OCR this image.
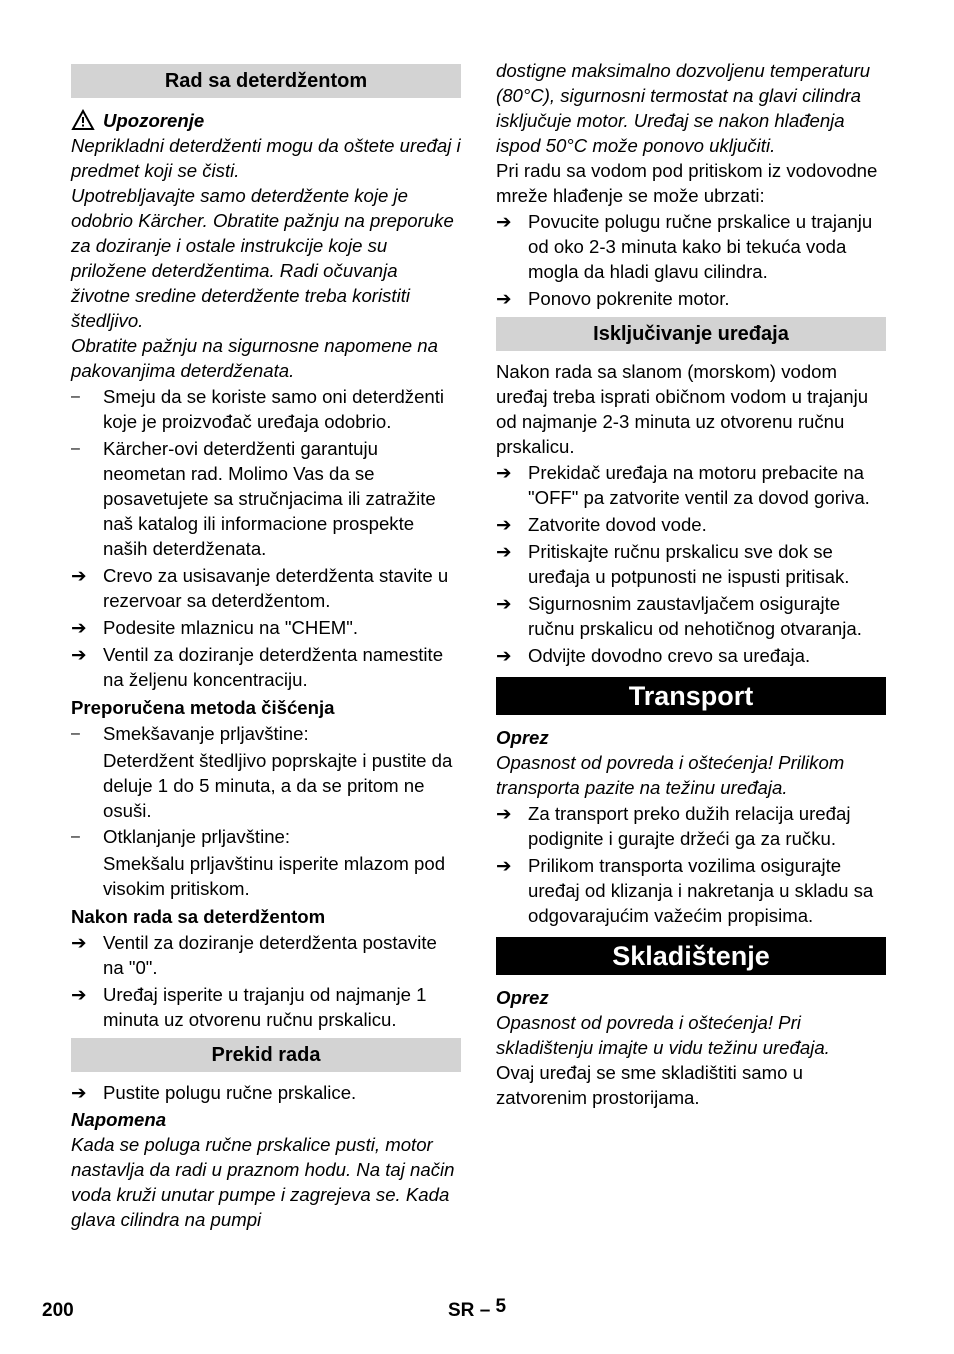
Rad sa deterdžentom
Upozorenje

Neprikladni deterdženti mogu da oštete uređaj i predmet koji se čisti.

Upotrebljavajte samo deterdžente koje je odobrio Kärcher. Obratite pažnju na preporuke za doziranje i ostale instrukcije koje su priložene deterdžentima. Radi očuvanja životne sredine deterdžente treba koristiti štedljivo.

Obratite pažnju na sigurnosne napomene na pakovanjima deterdženata.

–	Smeju da se koriste samo oni deterdženti koje je proizvođač uređaja odobrio.
–	Kärcher-ovi deterdženti garantuju neometan rad. Molimo Vas da se posavetujete sa stručnjacima ili zatražite naš katalog ili informacione prospekte naših deterdženata.
➔ Crevo za usisavanje deterdženta stavite u rezervoar sa deterdžentom.
➔ Podesite mlaznicu na "CHEM".
➔ Ventil za doziranje deterdženta namestite na željenu koncentraciju.
Preporučena metoda čišćenja
–	Smekšavanje prljavštine:

Deterdžent štedljivo poprskajte i pustite da deluje 1 do 5 minuta, a da se pritom ne osuši.

–	Otklanjanje prljavštine:

Smekšalu prljavštinu isperite mlazom pod visokim pritiskom.

Nakon rada sa deterdžentom
➔ Ventil za doziranje deterdženta postavite na "0".
➔ Uređaj isperite u trajanju od najmanje 1 minuta uz otvorenu ručnu prskalicu.
Prekid rada
➔ Pustite polugu ručne prskalice.
Napomena

Kada se poluga ručne prskalice pusti, motor nastavlja da radi u praznom hodu. Na taj način voda kruži unutar pumpe i zagrejeva se. Kada glava cilindra na pumpi

dostigne maksimalno dozvoljenu temperaturu (80°C), sigurnosni termostat na glavi cilindra isključuje motor. Uređaj se nakon hlađenja ispod 50°C može ponovo uključiti.

Pri radu sa vodom pod pritiskom iz vodovodne mreže hlađenje se može ubrzati:

➔ Povucite polugu ručne prskalice u trajanju od oko 2-3 minuta kako bi tekuća voda mogla da hladi glavu cilindra.
➔ Ponovo pokrenite motor.
Isključivanje uređaja

Nakon rada sa slanom (morskom) vodom uređaj treba isprati običnom vodom u trajanju od najmanje 2-3 minuta uz otvorenu ručnu prskalicu.

➔ Prekidač uređaja na motoru prebacite na "OFF" pa zatvorite ventil za dovod goriva.
➔ Zatvorite dovod vode.
➔ Pritiskajte ručnu prskalicu sve dok se uređaja u potpunosti ne ispusti pritisak.
➔ Sigurnosnim zaustavljačem osigurajte ručnu prskalicu od nehotičnog otvaranja.
➔ Odvijte dovodno crevo sa uređaja.
Transport
Oprez

Opasnost od povreda i oštećenja! Prilikom transporta pazite na težinu uređaja.

➔ Za transport preko dužih relacija uređaj podignite i gurajte držeći ga za ručku.
➔ Prilikom transporta vozilima osigurajte uređaj od klizanja i nakretanja u skladu sa odgovarajućim važećim propisima.
Skladištenje
Oprez

Opasnost od povreda i oštećenja! Pri skladištenju imajte u vidu težinu uređaja.

Ovaj uređaj se sme skladištiti samo u zatvorenim prostorijama.

200	SR – 5
